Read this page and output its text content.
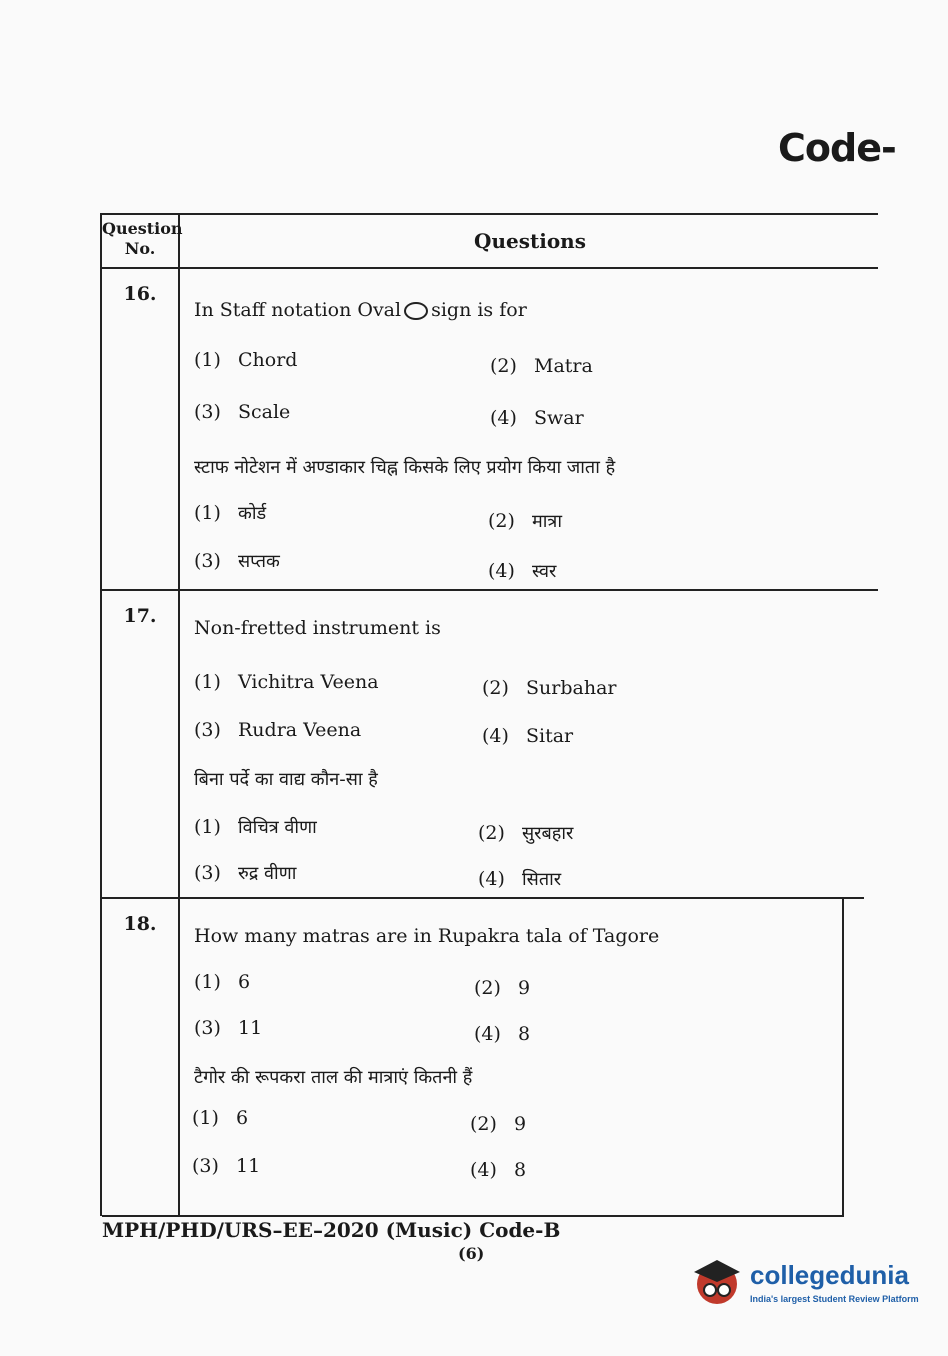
Code-
Question No.	Questions
16.
In Staff notation Oval sign is for
(1) Chord	(2) Matra
(3) Scale	(4) Swar
स्टाफ नोटेशन में अण्डाकार चिह्न किसके लिए प्रयोग किया जाता है
(1) कोर्ड	(2) मात्रा
(3) सप्तक	(4) स्वर
17.
Non-fretted instrument is
(1) Vichitra Veena	(2) Surbahar
(3) Rudra Veena	(4) Sitar
बिना पर्दे का वाद्य कौन-सा है
(1) विचित्र वीणा	(2) सुरबहार
(3) रुद्र वीणा	(4) सितार
18.
How many matras are in Rupakra tala of Tagore
(1) 6	(2) 9
(3) 11	(4) 8
टैगोर की रूपकरा ताल की मात्राएं कितनी हैं
(1) 6	(2) 9
(3) 11	(4) 8
MPH/PHD/URS–EE–2020 (Music) Code-B
(6)
collegedunia
India's largest Student Review Platform
